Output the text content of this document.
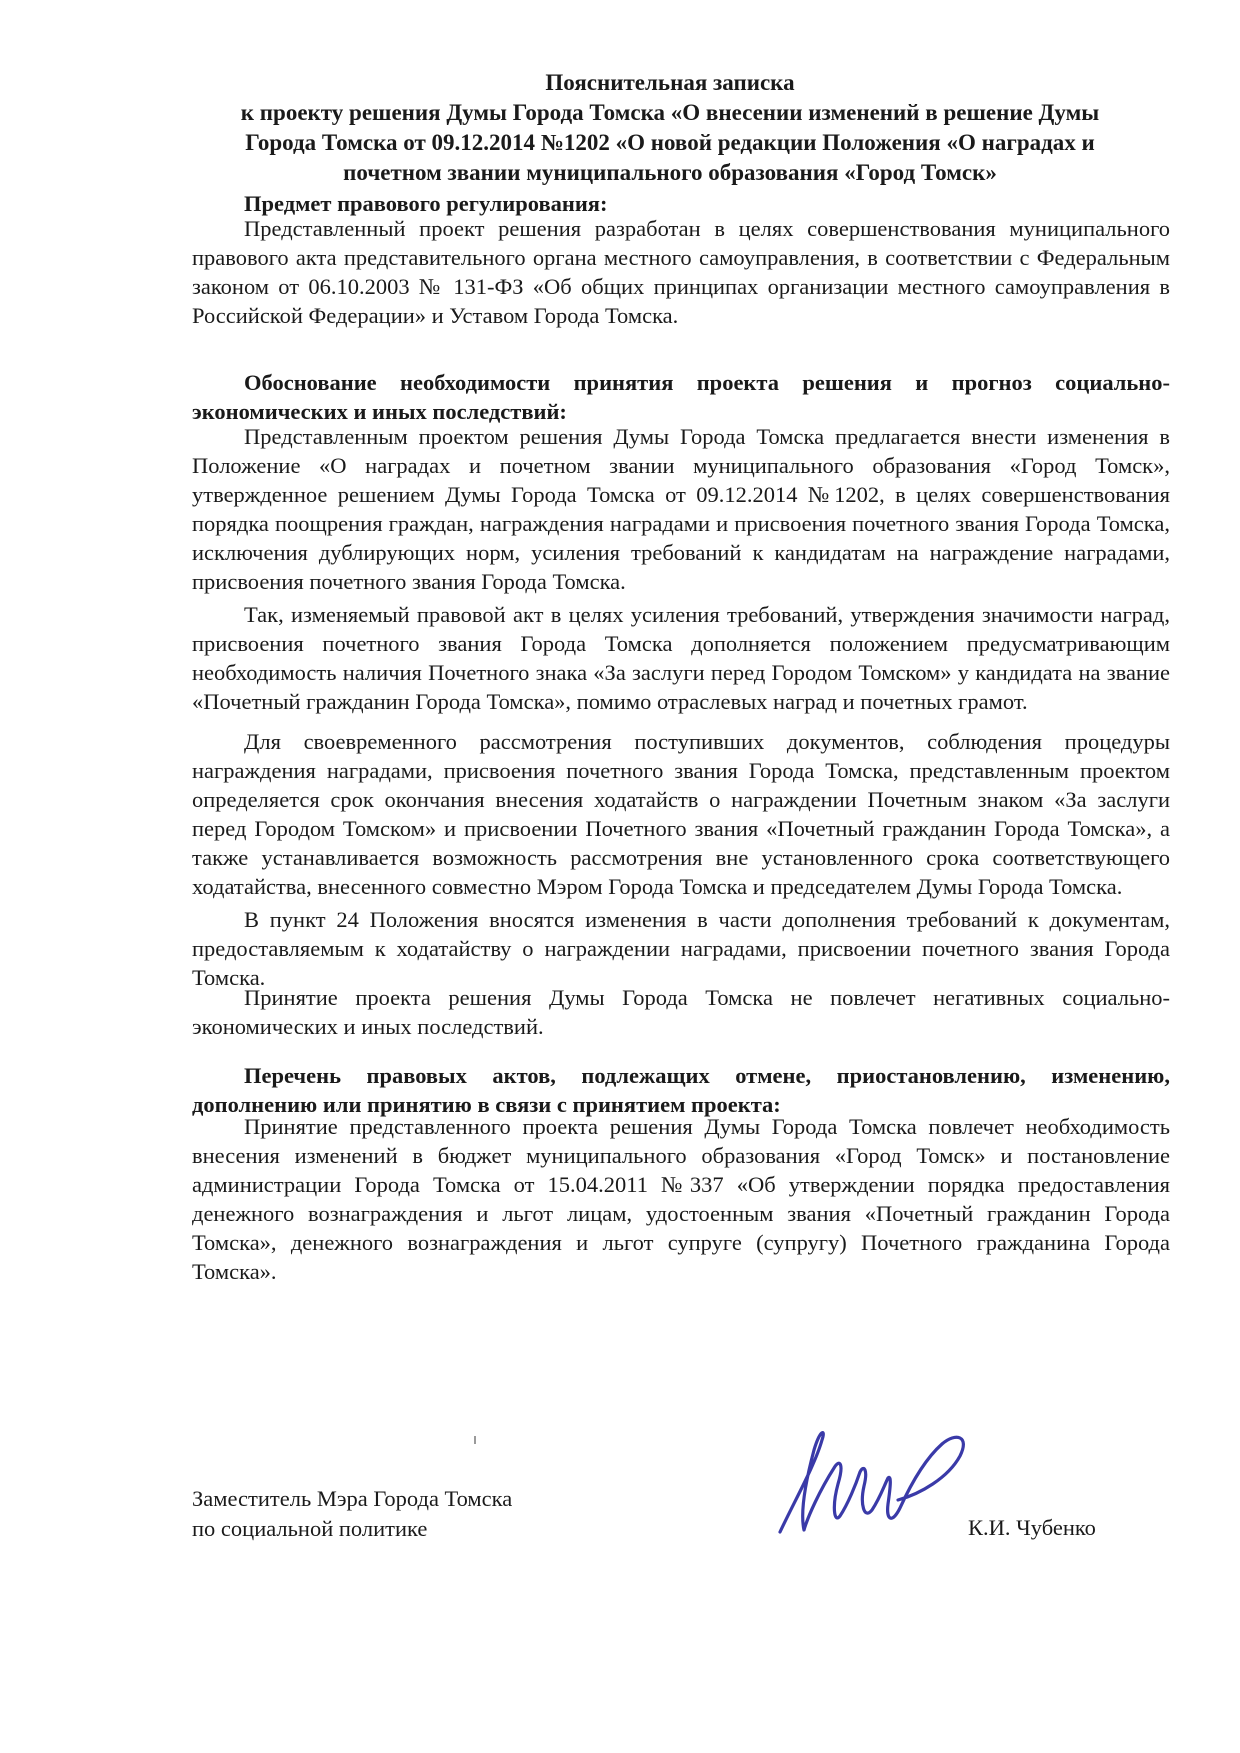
Пояснительная записка
к проекту решения Думы Города Томска «О внесении изменений в решение Думы
Города Томска от 09.12.2014 №1202 «О новой редакции Положения «О наградах и
почетном звании муниципального образования «Город Томск»
Предмет правового регулирования:
Представленный проект решения разработан в целях совершенствования муниципального правового акта представительного органа местного самоуправления, в соответствии с Федеральным законом от 06.10.2003 № 131-ФЗ «Об общих принципах организации местного самоуправления в Российской Федерации» и Уставом Города Томска.
Обоснование необходимости принятия проекта решения и прогноз социально-экономических и иных последствий:
Представленным проектом решения Думы Города Томска предлагается внести изменения в Положение «О наградах и почетном звании муниципального образования «Город Томск», утвержденное решением Думы Города Томска от 09.12.2014 №1202, в целях совершенствования порядка поощрения граждан, награждения наградами и присвоения почетного звания Города Томска, исключения дублирующих норм, усиления требований к кандидатам на награждение наградами, присвоения почетного звания Города Томска.
Так, изменяемый правовой акт в целях усиления требований, утверждения значимости наград, присвоения почетного звания Города Томска дополняется положением предусматривающим необходимость наличия Почетного знака «За заслуги перед Городом Томском» у кандидата на звание «Почетный гражданин Города Томска», помимо отраслевых наград и почетных грамот.
Для своевременного рассмотрения поступивших документов, соблюдения процедуры награждения наградами, присвоения почетного звания Города Томска, представленным проектом определяется срок окончания внесения ходатайств о награждении Почетным знаком «За заслуги перед Городом Томском» и присвоении Почетного звания «Почетный гражданин Города Томска», а также устанавливается возможность рассмотрения вне установленного срока соответствующего ходатайства, внесенного совместно Мэром Города Томска и председателем Думы Города Томска.
В пункт 24 Положения вносятся изменения в части дополнения требований к документам, предоставляемым к ходатайству о награждении наградами, присвоении почетного звания Города Томска.
Принятие проекта решения Думы Города Томска не повлечет негативных социально-экономических и иных последствий.
Перечень правовых актов, подлежащих отмене, приостановлению, изменению, дополнению или принятию в связи с принятием проекта:
Принятие представленного проекта решения Думы Города Томска повлечет необходимость внесения изменений в бюджет муниципального образования «Город Томск» и постановление администрации Города Томска от 15.04.2011 №337 «Об утверждении порядка предоставления денежного вознаграждения и льгот лицам, удостоенным звания «Почетный гражданин Города Томска», денежного вознаграждения и льгот супруге (супругу) Почетного гражданина Города Томска».
Заместитель Мэра Города Томска
по социальной политике	К.И. Чубенко
